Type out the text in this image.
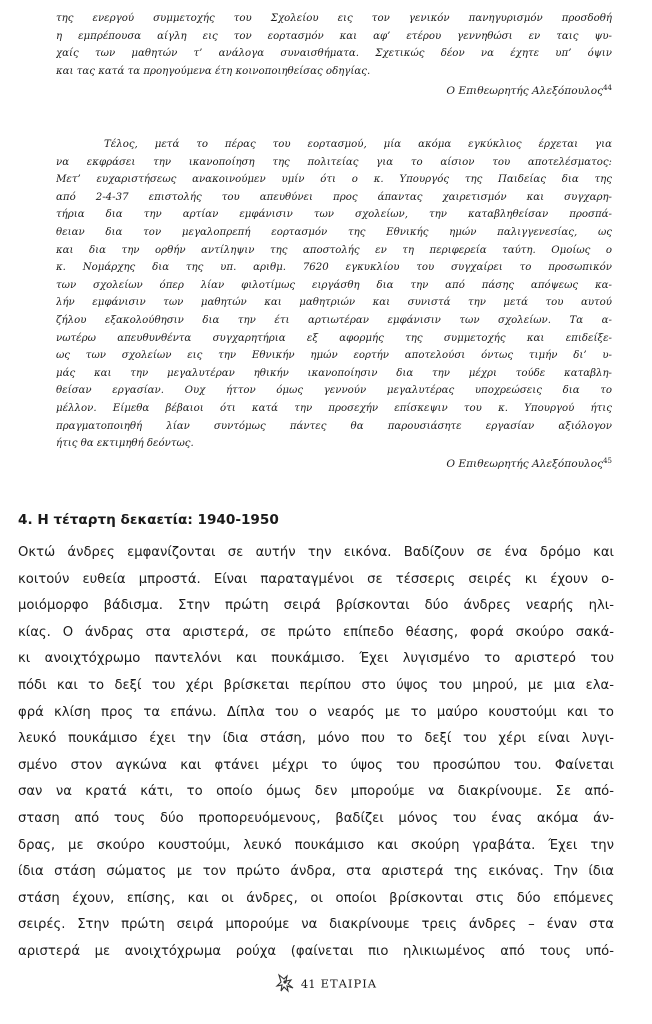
της ενεργού συμμετοχής του Σχολείου εις τον γενικόν πανηγυρισμόν προσδοθή
η εμπρέπουσα αίγλη εις τον εορτασμόν και αφ’ ετέρου γεννηθώσι εν ταις ψυ-
χαίς των μαθητών τ’ ανάλογα συναισθήματα. Σχετικώς δέον να έχητε υπ’ όψιν
και τας κατά τα προηγούμενα έτη κοινοποιηθείσας οδηγίας.
Ο Επιθεωρητής Αλεξόπουλος$^{44}$
Τέλος, μετά το πέρας του εορτασμού, μία ακόμα εγκύκλιος έρχεται για
να εκφράσει την ικανοποίηση της πολιτείας για το αίσιον του αποτελέσματος:
Μετ’ ευχαριστήσεως ανακοινούμεν υμίν ότι ο κ. Υπουργός της Παιδείας δια της
από 2-4-37 επιστολής του απευθύνει προς άπαντας χαιρετισμόν και συγχαρη-
τήρια δια την αρτίαν εμφάνισιν των σχολείων, την καταβληθείσαν προσπά-
θειαν δια τον μεγαλοπρεπή εορτασμόν της Εθνικής ημών παλιγγενεσίας, ως
και δια την ορθήν αντίληψιν της αποστολής εν τη περιφερεία ταύτη. Ομοίως ο
κ. Νομάρχης δια της υπ. αριθμ. 7620 εγκυκλίου του συγχαίρει το προσωπικόν
των σχολείων όπερ λίαν φιλοτίμως ειργάσθη δια την από πάσης απόψεως κα-
λήν εμφάνισιν των μαθητών και μαθητριών και συνιστά την μετά του αυτού
ζήλου εξακολούθησιν δια την έτι αρτιωτέραν εμφάνισιν των σχολείων. Τα α-
νωτέρω απευθυνθέντα συγχαρητήρια εξ αφορμής της συμμετοχής και επιδείξε-
ως των σχολείων εις την Εθνικήν ημών εορτήν αποτελούσι όντως τιμήν δι’ υ-
μάς και την μεγαλυτέραν ηθικήν ικανοποίησιν δια την μέχρι τούδε καταβλη-
θείσαν εργασίαν. Ουχ ήττον όμως γεννούν μεγαλυτέρας υποχρεώσεις δια το
μέλλον. Είμεθα βέβαιοι ότι κατά την προσεχήν επίσκεψιν του κ. Υπουργού ήτις
πραγματοποιηθή λίαν συντόμως πάντες θα παρουσιάσητε εργασίαν αξιόλογον
ήτις θα εκτιμηθή δεόντως.
Ο Επιθεωρητής Αλεξόπουλος$^{45}$
4. Η τέταρτη δεκαετία: 1940-1950
Οκτώ άνδρες εμφανίζονται σε αυτήν την εικόνα. Βαδίζουν σε ένα δρόμο και
κοιτούν ευθεία μπροστά. Είναι παραταγμένοι σε τέσσερις σειρές κι έχουν ο-
μοιόμορφο βάδισμα. Στην πρώτη σειρά βρίσκονται δύο άνδρες νεαρής ηλι-
κίας. Ο άνδρας στα αριστερά, σε πρώτο επίπεδο θέασης, φορά σκούρο σακά-
κι ανοιχτόχρωμο παντελόνι και πουκάμισο. Έχει λυγισμένο το αριστερό του
πόδι και το δεξί του χέρι βρίσκεται περίπου στο ύψος του μηρού, με μια ελα-
φρά κλίση προς τα επάνω. Δίπλα του ο νεαρός με το μαύρο κουστούμι και το
λευκό πουκάμισο έχει την ίδια στάση, μόνο που το δεξί του χέρι είναι λυγι-
σμένο στον αγκώνα και φτάνει μέχρι το ύψος του προσώπου του. Φαίνεται
σαν να κρατά κάτι, το οποίο όμως δεν μπορούμε να διακρίνουμε. Σε από-
σταση από τους δύο προπορευόμενους, βαδίζει μόνος του ένας ακόμα άν-
δρας, με σκούρο κουστούμι, λευκό πουκάμισο και σκούρη γραβάτα. Έχει την
ίδια στάση σώματος με τον πρώτο άνδρα, στα αριστερά της εικόνας. Την ίδια
στάση έχουν, επίσης, και οι άνδρες, οι οποίοι βρίσκονται στις δύο επόμενες
σειρές. Στην πρώτη σειρά μπορούμε να διακρίνουμε τρεις άνδρες – έναν στα
αριστερά με ανοιχτόχρωμα ρούχα (φαίνεται πιο ηλικιωμένος από τους υπό-
41 ΕΤΑΙΡΙΑ
